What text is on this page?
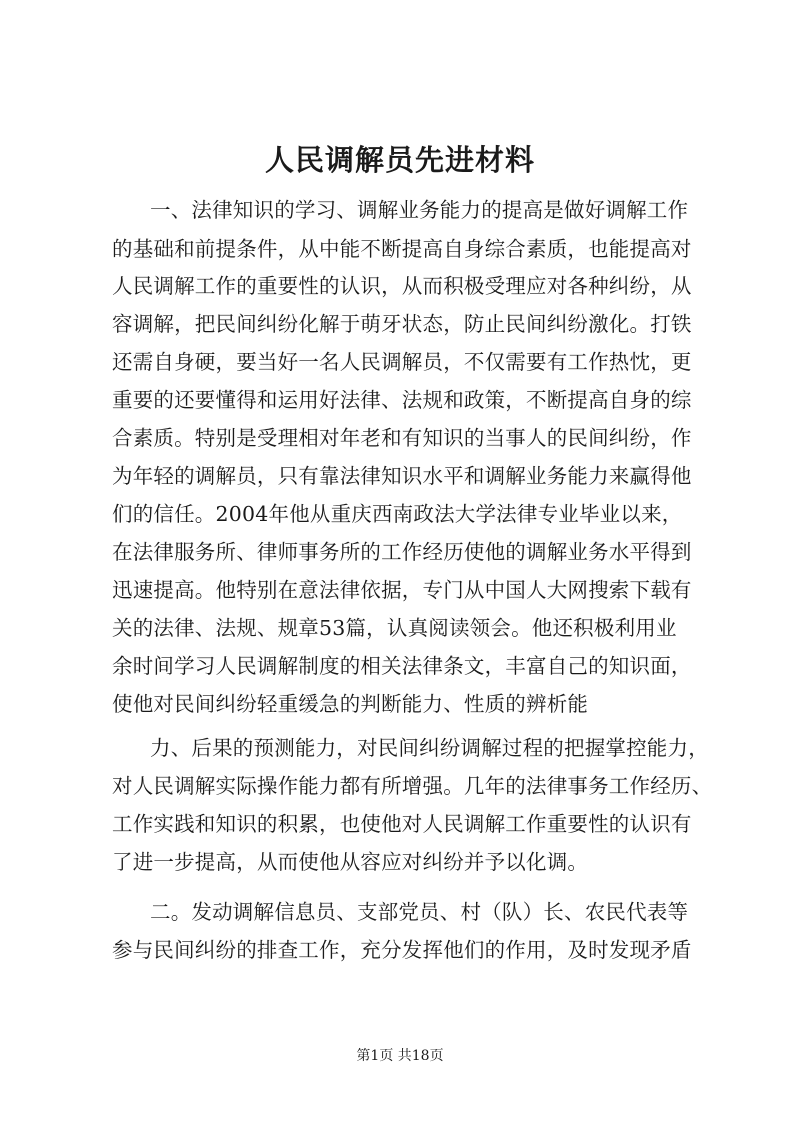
人民调解员先进材料
一、法律知识的学习、调解业务能力的提高是做好调解工作
的基础和前提条件，从中能不断提高自身综合素质，也能提高对
人民调解工作的重要性的认识，从而积极受理应对各种纠纷，从
容调解，把民间纠纷化解于萌牙状态，防止民间纠纷激化。打铁
还需自身硬，要当好一名人民调解员，不仅需要有工作热忱，更
重要的还要懂得和运用好法律、法规和政策，不断提高自身的综
合素质。特别是受理相对年老和有知识的当事人的民间纠纷，作
为年轻的调解员，只有靠法律知识水平和调解业务能力来赢得他
们的信任。2004年他从重庆西南政法大学法律专业毕业以来，
在法律服务所、律师事务所的工作经历使他的调解业务水平得到
迅速提高。他特别在意法律依据，专门从中国人大网搜索下载有
关的法律、法规、规章53篇，认真阅读领会。他还积极利用业
余时间学习人民调解制度的相关法律条文，丰富自己的知识面，
使他对民间纠纷轻重缓急的判断能力、性质的辨析能
力、后果的预测能力，对民间纠纷调解过程的把握掌控能力，
对人民调解实际操作能力都有所增强。几年的法律事务工作经历、
工作实践和知识的积累，也使他对人民调解工作重要性的认识有
了进一步提高，从而使他从容应对纠纷并予以化调。
二。发动调解信息员、支部党员、村（队）长、农民代表等
参与民间纠纷的排查工作，充分发挥他们的作用，及时发现矛盾
第1页 共18页
